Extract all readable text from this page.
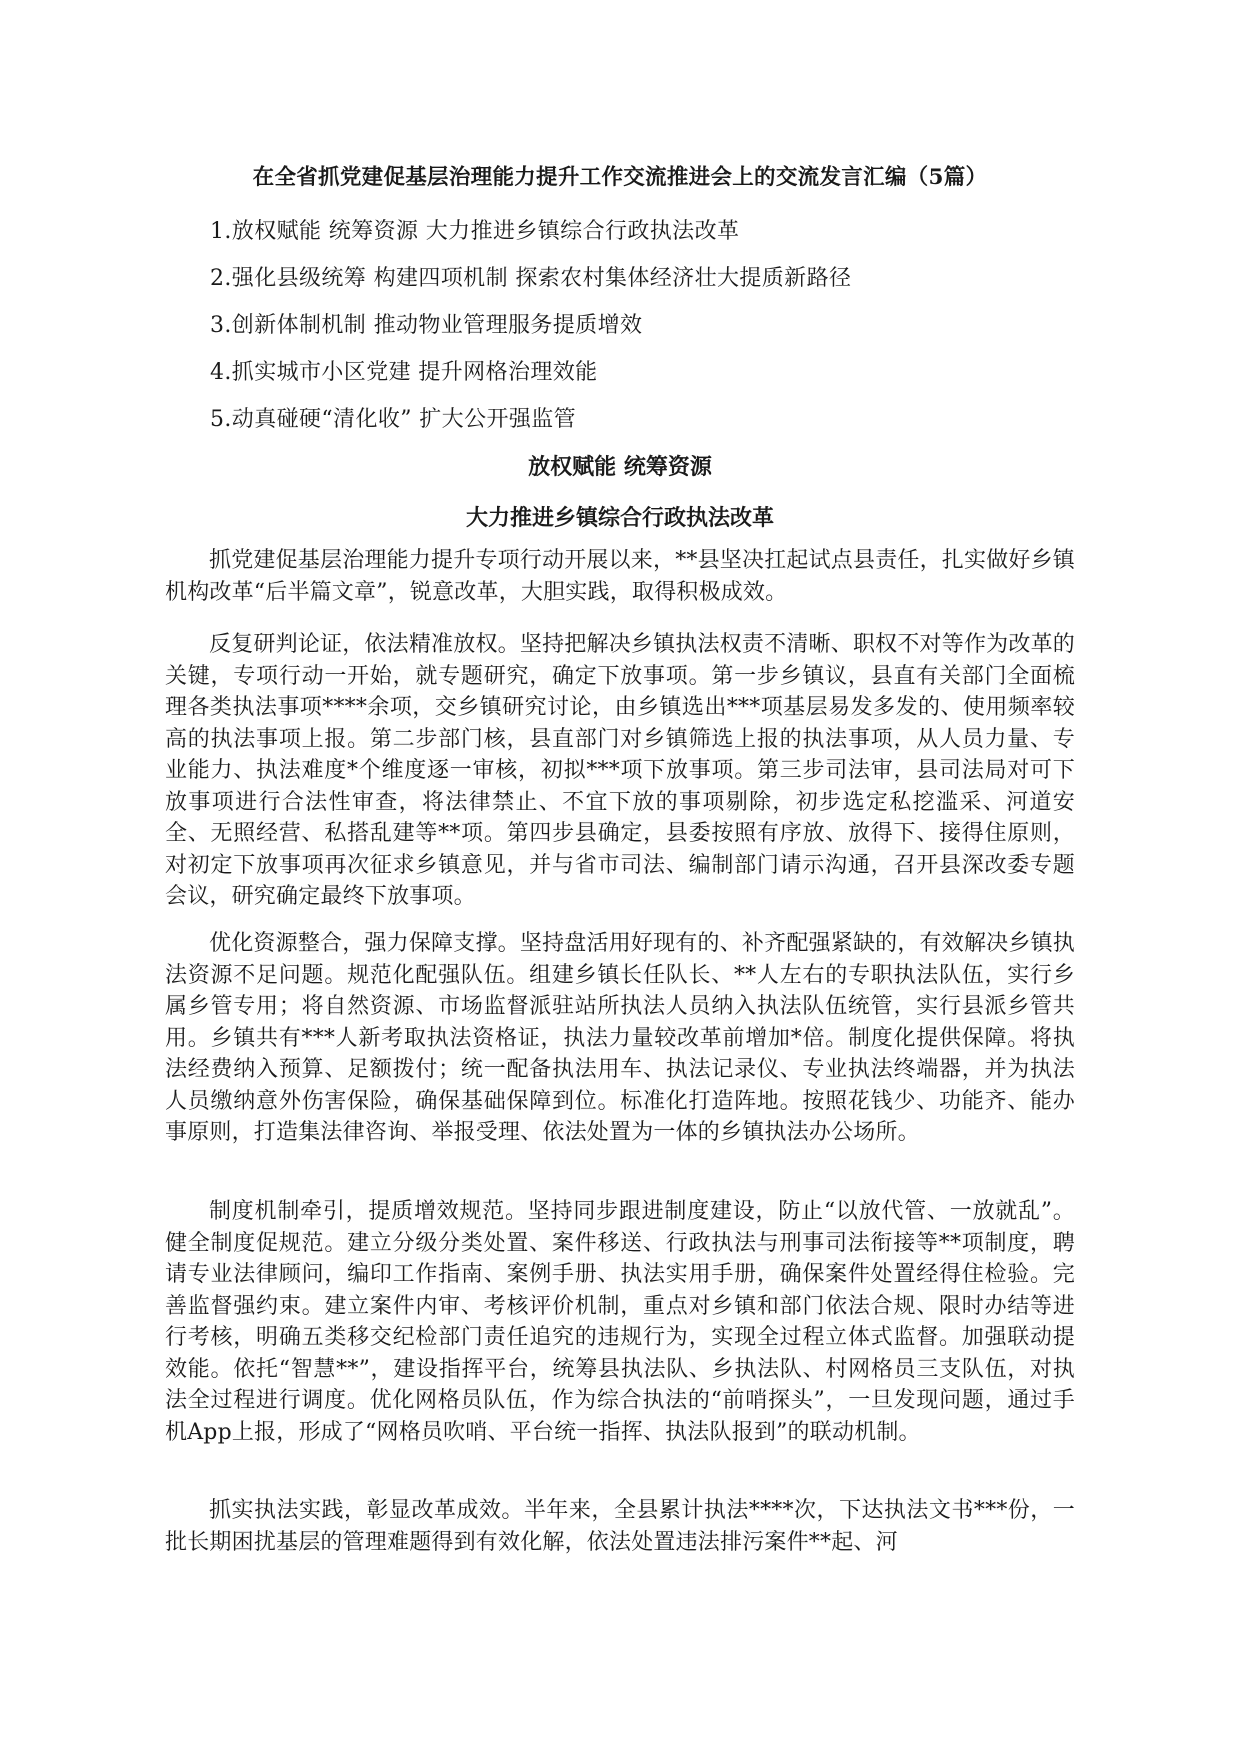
在全省抓党建促基层治理能力提升工作交流推进会上的交流发言汇编（5篇）
1.放权赋能 统筹资源 大力推进乡镇综合行政执法改革
2.强化县级统筹 构建四项机制 探索农村集体经济壮大提质新路径
3.创新体制机制 推动物业管理服务提质增效
4.抓实城市小区党建 提升网格治理效能
5.动真碰硬“清化收” 扩大公开强监管
放权赋能 统筹资源
大力推进乡镇综合行政执法改革

抓党建促基层治理能力提升专项行动开展以来，**县坚决扛起试点县责任，扎实做好乡镇机构改革“后半篇文章”，锐意改革，大胆实践，取得积极成效。

反复研判论证，依法精准放权。坚持把解决乡镇执法权责不清晰、职权不对等作为改革的关键，专项行动一开始，就专题研究，确定下放事项。第一步乡镇议，县直有关部门全面梳理各类执法事项****余项，交乡镇研究讨论，由乡镇选出***项基层易发多发的、使用频率较高的执法事项上报。第二步部门核，县直部门对乡镇筛选上报的执法事项，从人员力量、专业能力、执法难度*个维度逐一审核，初拟***项下放事项。第三步司法审，县司法局对可下放事项进行合法性审查，将法律禁止、不宜下放的事项剔除，初步选定私挖滥采、河道安全、无照经营、私搭乱建等**项。第四步县确定，县委按照有序放、放得下、接得住原则，对初定下放事项再次征求乡镇意见，并与省市司法、编制部门请示沟通，召开县深改委专题会议，研究确定最终下放事项。

优化资源整合，强力保障支撑。坚持盘活用好现有的、补齐配强紧缺的，有效解决乡镇执法资源不足问题。规范化配强队伍。组建乡镇长任队长、**人左右的专职执法队伍，实行乡属乡管专用；将自然资源、市场监督派驻站所执法人员纳入执法队伍统管，实行县派乡管共用。乡镇共有***人新考取执法资格证，执法力量较改革前增加*倍。制度化提供保障。将执法经费纳入预算、足额拨付；统一配备执法用车、执法记录仪、专业执法终端器，并为执法人员缴纳意外伤害保险，确保基础保障到位。标准化打造阵地。按照花钱少、功能齐、能办事原则，打造集法律咨询、举报受理、依法处置为一体的乡镇执法办公场所。

制度机制牵引，提质增效规范。坚持同步跟进制度建设，防止“以放代管、一放就乱”。健全制度促规范。建立分级分类处置、案件移送、行政执法与刑事司法衔接等**项制度，聘请专业法律顾问，编印工作指南、案例手册、执法实用手册，确保案件处置经得住检验。完善监督强约束。建立案件内审、考核评价机制，重点对乡镇和部门依法合规、限时办结等进行考核，明确五类移交纪检部门责任追究的违规行为，实现全过程立体式监督。加强联动提效能。依托“智慧**”，建设指挥平台，统筹县执法队、乡执法队、村网格员三支队伍，对执法全过程进行调度。优化网格员队伍，作为综合执法的“前哨探头”，一旦发现问题，通过手机App上报，形成了“网格员吹哨、平台统一指挥、执法队报到”的联动机制。

抓实执法实践，彰显改革成效。半年来，全县累计执法****次，下达执法文书***份，一批长期困扰基层的管理难题得到有效化解，依法处置违法排污案件**起、河
